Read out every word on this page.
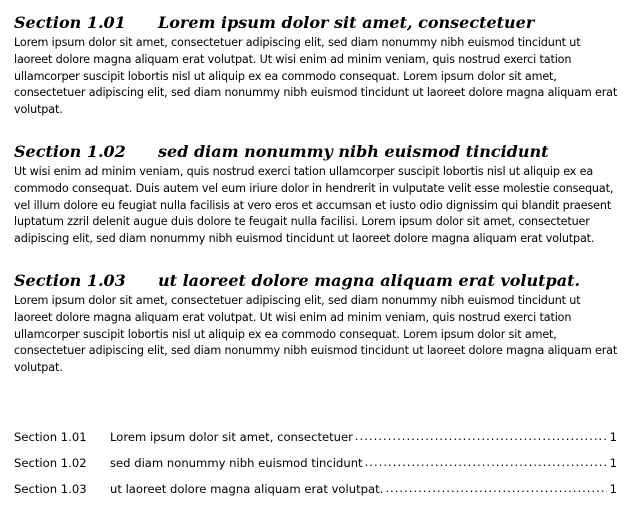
Section 1.01	Lorem ipsum dolor sit amet, consectetuer

Lorem ipsum dolor sit amet, consectetuer adipiscing elit, sed diam nonummy nibh euismod tincidunt ut laoreet dolore magna aliquam erat volutpat. Ut wisi enim ad minim veniam, quis nostrud exerci tation ullamcorper suscipit lobortis nisl ut aliquip ex ea commodo consequat. Lorem ipsum dolor sit amet, consectetuer adipiscing elit, sed diam nonummy nibh euismod tincidunt ut laoreet dolore magna aliquam erat volutpat.

Section 1.02	sed diam nonummy nibh euismod tincidunt

Ut wisi enim ad minim veniam, quis nostrud exerci tation ullamcorper suscipit lobortis nisl ut aliquip ex ea commodo consequat. Duis autem vel eum iriure dolor in hendrerit in vulputate velit esse molestie consequat, vel illum dolore eu feugiat nulla facilisis at vero eros et accumsan et iusto odio dignissim qui blandit praesent luptatum zzril delenit augue duis dolore te feugait nulla facilisi. Lorem ipsum dolor sit amet, consectetuer adipiscing elit, sed diam nonummy nibh euismod tincidunt ut laoreet dolore magna aliquam erat volutpat.

Section 1.03	ut laoreet dolore magna aliquam erat volutpat.

Lorem ipsum dolor sit amet, consectetuer adipiscing elit, sed diam nonummy nibh euismod tincidunt ut laoreet dolore magna aliquam erat volutpat. Ut wisi enim ad minim veniam, quis nostrud exerci tation ullamcorper suscipit lobortis nisl ut aliquip ex ea commodo consequat. Lorem ipsum dolor sit amet, consectetuer adipiscing elit, sed diam nonummy nibh euismod tincidunt ut laoreet dolore magna aliquam erat volutpat.

Section 1.01	Lorem ipsum dolor sit amet, consectetuer .....	1
Section 1.02	sed diam nonummy nibh euismod tincidunt .....	1
Section 1.03	ut laoreet dolore magna aliquam erat volutpat. .....	1
